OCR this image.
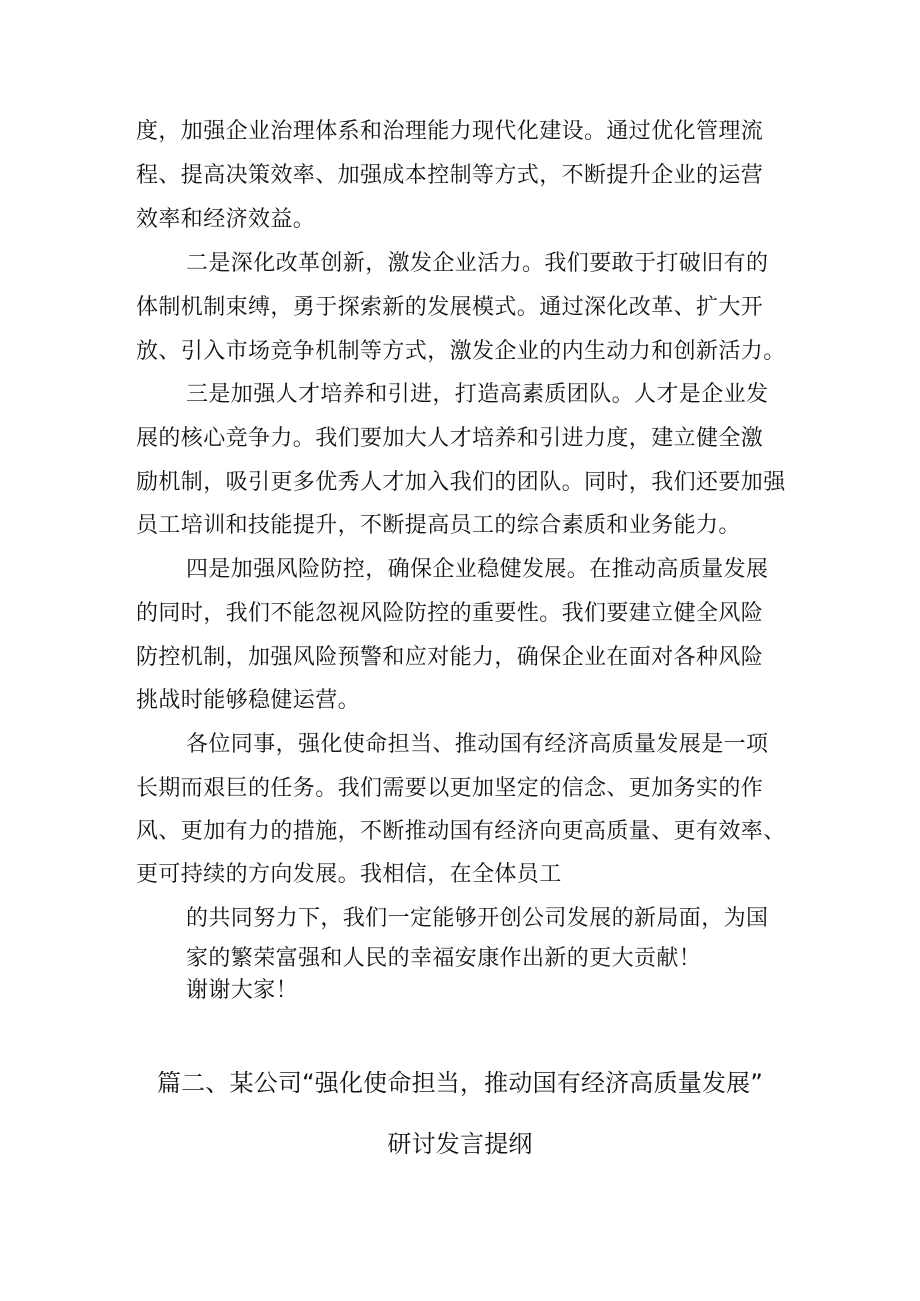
度，加强企业治理体系和治理能力现代化建设。通过优化管理流
程、提高决策效率、加强成本控制等方式，不断提升企业的运营
效率和经济效益。
二是深化改革创新，激发企业活力。我们要敢于打破旧有的
体制机制束缚，勇于探索新的发展模式。通过深化改革、扩大开
放、引入市场竞争机制等方式，激发企业的内生动力和创新活力。
三是加强人才培养和引进，打造高素质团队。人才是企业发
展的核心竞争力。我们要加大人才培养和引进力度，建立健全激
励机制，吸引更多优秀人才加入我们的团队。同时，我们还要加强
员工培训和技能提升，不断提高员工的综合素质和业务能力。
四是加强风险防控，确保企业稳健发展。在推动高质量发展
的同时，我们不能忽视风险防控的重要性。我们要建立健全风险
防控机制，加强风险预警和应对能力，确保企业在面对各种风险
挑战时能够稳健运营。
各位同事，强化使命担当、推动国有经济高质量发展是一项
长期而艰巨的任务。我们需要以更加坚定的信念、更加务实的作
风、更加有力的措施，不断推动国有经济向更高质量、更有效率、
更可持续的方向发展。我相信，在全体员工
的共同努力下，我们一定能够开创公司发展的新局面，为国
家的繁荣富强和人民的幸福安康作出新的更大贡献！
谢谢大家！
篇二、某公司“强化使命担当，推动国有经济高质量发展”
研讨发言提纲
